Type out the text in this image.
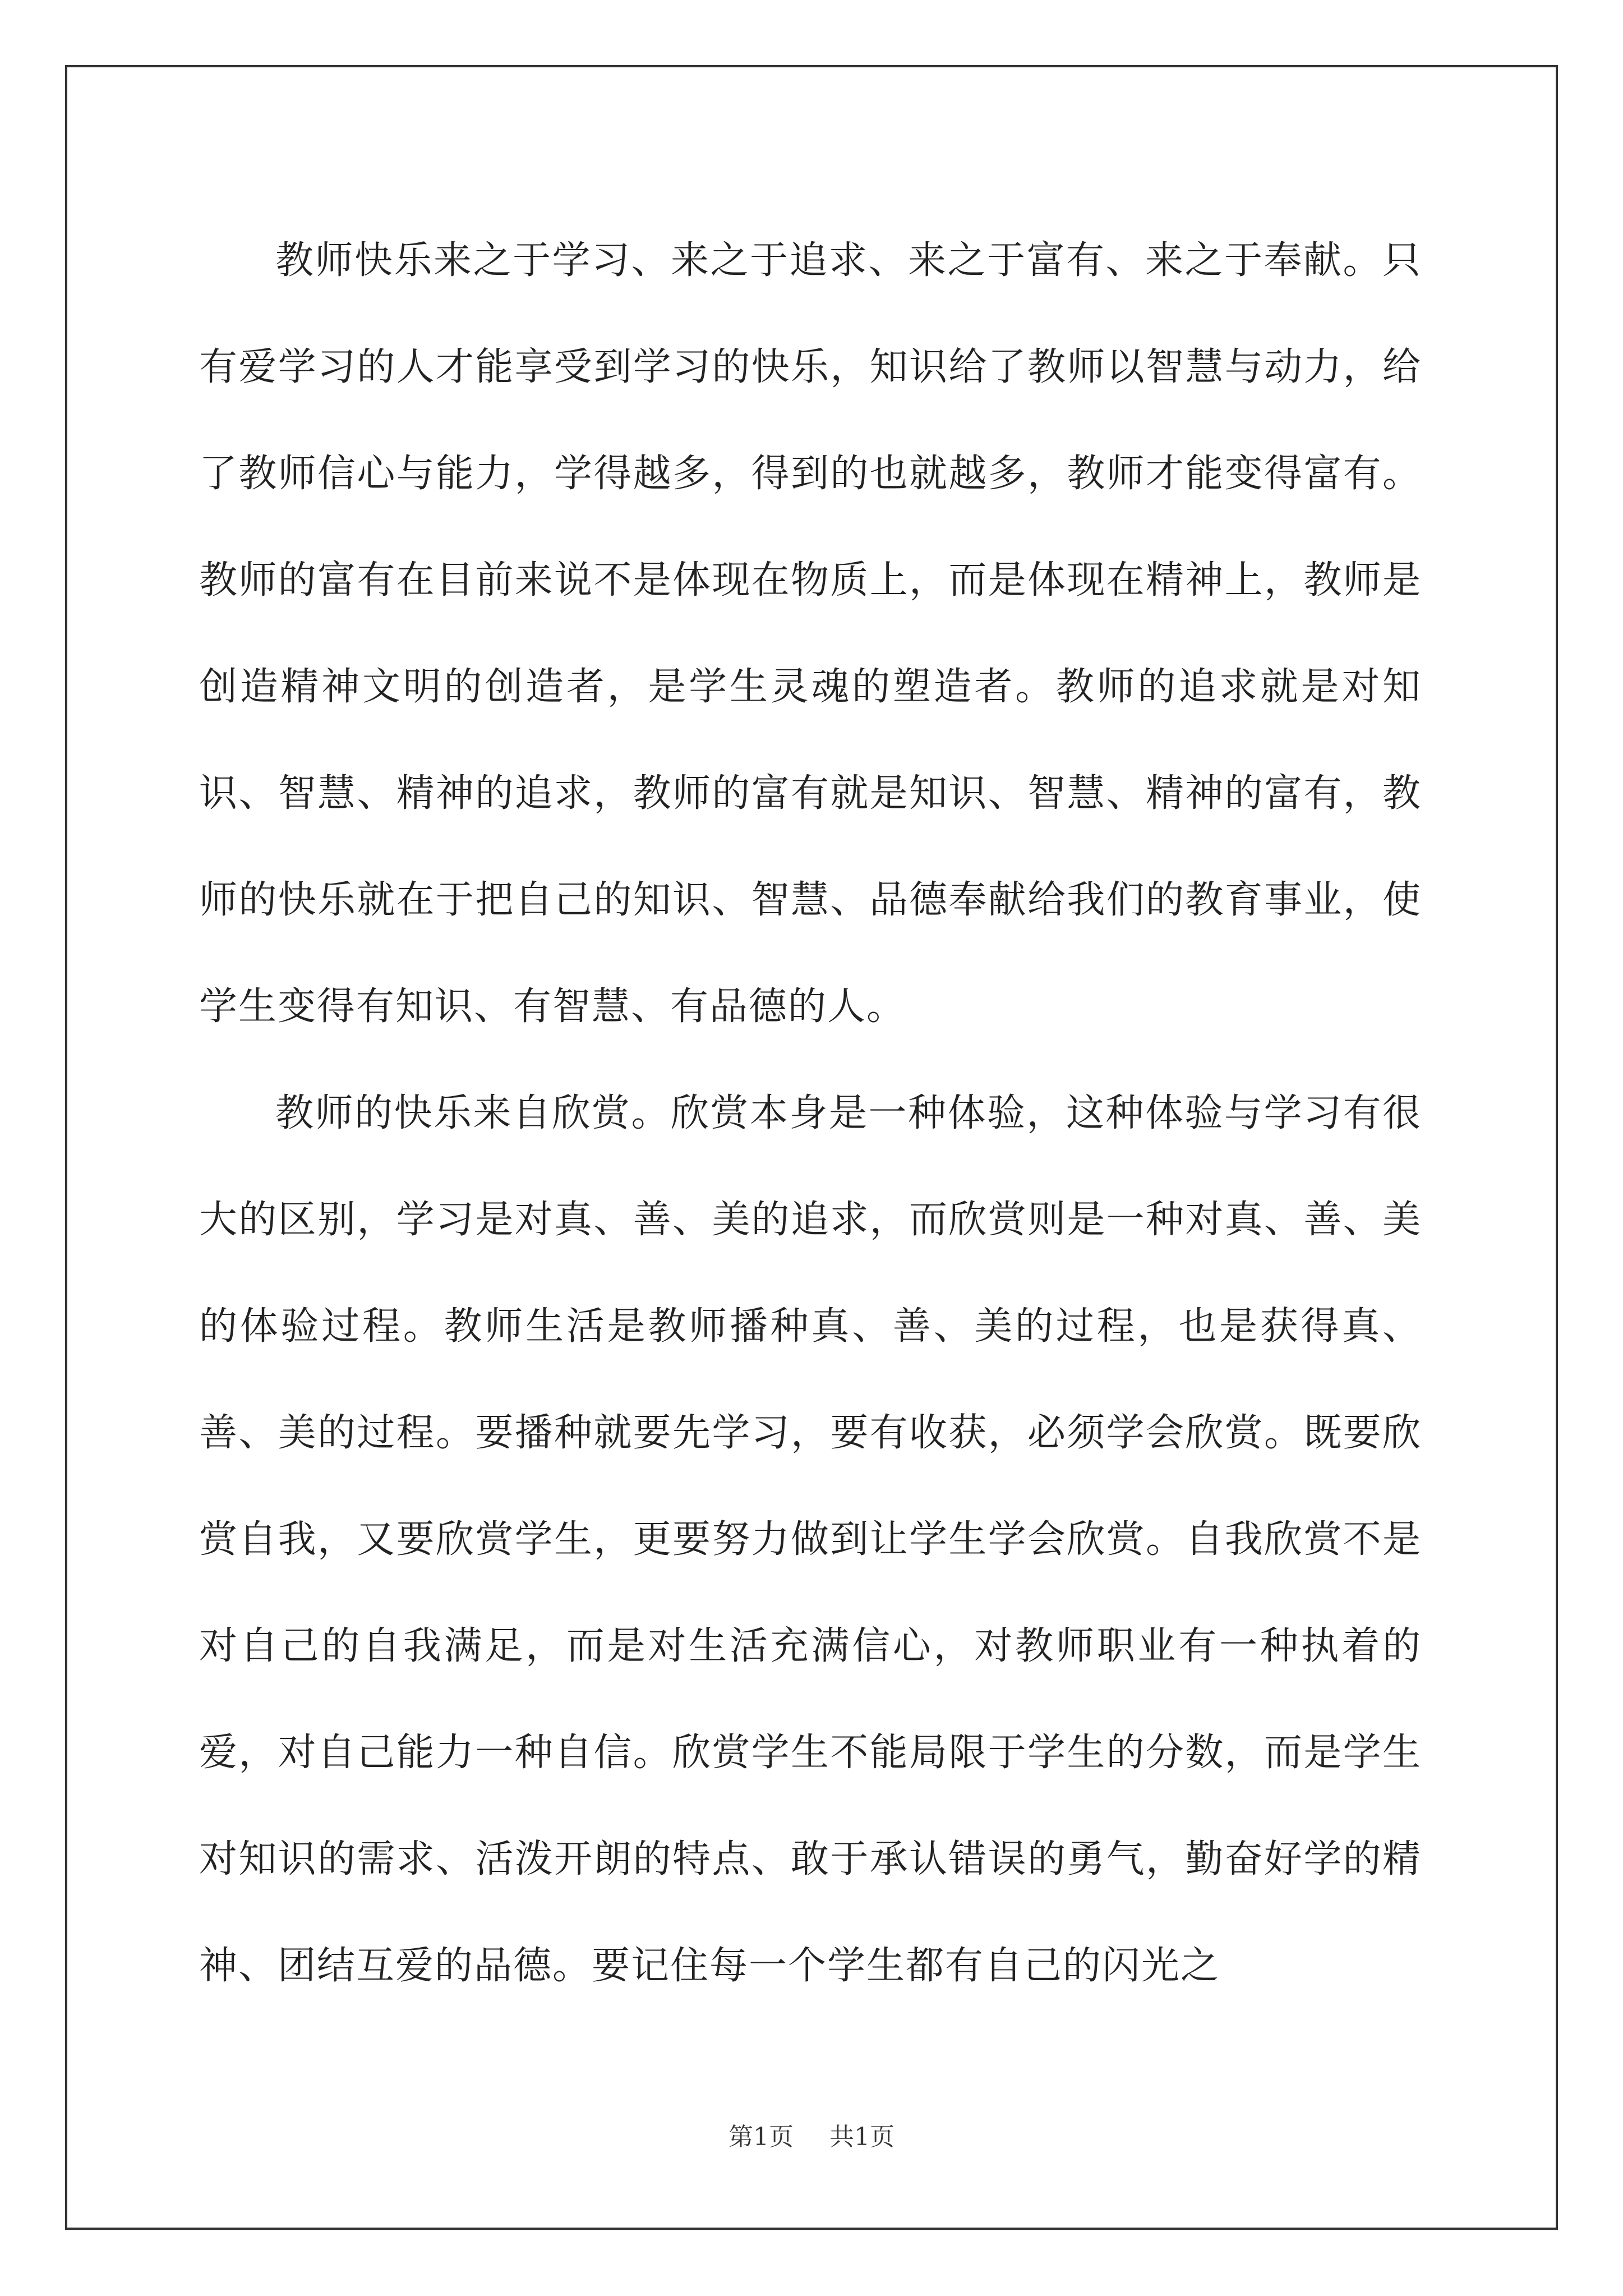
教师快乐来之于学习、来之于追求、来之于富有、来之于奉献。只有爱学习的人才能享受到学习的快乐，知识给了教师以智慧与动力，给了教师信心与能力，学得越多，得到的也就越多，教师才能变得富有。教师的富有在目前来说不是体现在物质上，而是体现在精神上，教师是创造精神文明的创造者，是学生灵魂的塑造者。教师的追求就是对知识、智慧、精神的追求，教师的富有就是知识、智慧、精神的富有，教师的快乐就在于把自己的知识、智慧、品德奉献给我们的教育事业，使学生变得有知识、有智慧、有品德的人。

教师的快乐来自欣赏。欣赏本身是一种体验，这种体验与学习有很大的区别，学习是对真、善、美的追求，而欣赏则是一种对真、善、美的体验过程。教师生活是教师播种真、善、美的过程，也是获得真、善、美的过程。要播种就要先学习，要有收获，必须学会欣赏。既要欣赏自我，又要欣赏学生，更要努力做到让学生学会欣赏。自我欣赏不是对自己的自我满足，而是对生活充满信心，对教师职业有一种执着的爱，对自己能力一种自信。欣赏学生不能局限于学生的分数，而是学生对知识的需求、活泼开朗的特点、敢于承认错误的勇气，勤奋好学的精神、团结互爱的品德。要记住每一个学生都有自己的闪光之

第1页 共1页
